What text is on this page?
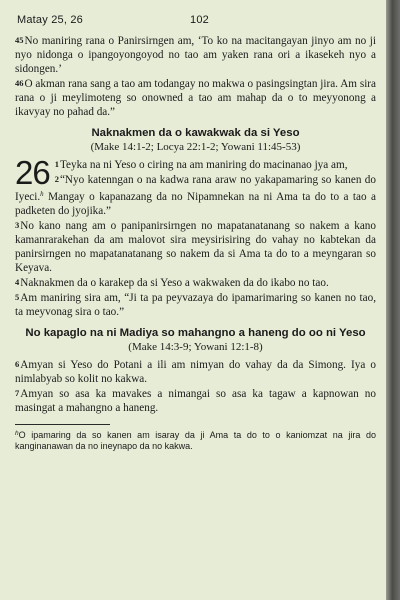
Matay 25, 26	102

45No maniring rana o Panirsirngen am, ‘To ko na macitangayan jinyo am no ji nyo nidonga o ipangoyongoyod no tao am yaken rana ori a ikasekeh nyo a sidongen.’

46O akman rana sang a tao am todangay no makwa o pasingsingtan jira. Am sira rana o ji meylimoteng so onowned a tao am mahap da o to meyyonong a ikavyay no pahad da.”

Naknakmen da o kawakwak da si Yeso
(Make 14:1-2; Locya 22:1-2; Yowani 11:45-53)
26 1Teyka na ni Yeso o ciring na am maniring do macinanao jya am,

2“Nyo katenngan o na kadwa rana araw no yakapamaring so kanen do Iyeci.$^h$ Mangay o kapanazang da no Nipamnekan na ni Ama ta do to a tao a padketen do jyojika.”

3No kano nang am o panipanirsirngen no mapatanatanang so nakem a kano kamanrarakehan da am malovot sira meysirisiring do vahay no kabtekan da panirsirngen no mapatanatanang so nakem da si Ama ta do to a meyngaran so Keyava.

4Naknakmen da o karakep da si Yeso a wakwaken da do ikabo no tao.

5Am maniring sira am, “Ji ta pa peyvazaya do ipamarimaring so kanen no tao, ta meyvonag sira o tao.”

No kapaglo na ni Madiya so mahangno a haneng do oo ni Yeso
(Make 14:3-9; Yowani 12:1-8)

6Amyan si Yeso do Potani a ili am nimyan do vahay da da Simong. Iya o nimlabyab so kolit no kakwa.

7Amyan so asa ka mavakes a nimangai so asa ka tagaw a kapnowan no masingat a mahangno a haneng.

$^h$O ipamaring da so kanen am isaray da ji Ama ta do to o kaniomzat na jira do kanginanawan da no ineynapo da no kakwa.
